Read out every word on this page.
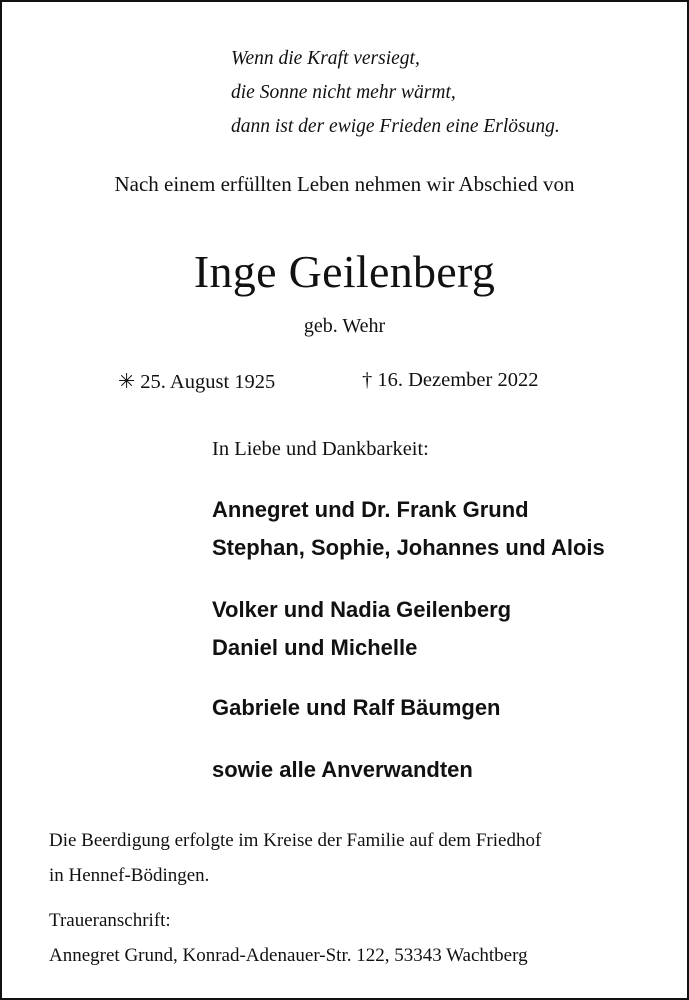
Wenn die Kraft versiegt,
die Sonne nicht mehr wärmt,
dann ist der ewige Frieden eine Erlösung.
Nach einem erfüllten Leben nehmen wir Abschied von
Inge Geilenberg
geb. Wehr
✳ 25. August 1925	† 16. Dezember 2022
In Liebe und Dankbarkeit:
Annegret und Dr. Frank Grund
Stephan, Sophie, Johannes und Alois
Volker und Nadia Geilenberg
Daniel und Michelle
Gabriele und Ralf Bäumgen
sowie alle Anverwandten
Die Beerdigung erfolgte im Kreise der Familie auf dem Friedhof
in Hennef-Bödingen.
Traueranschrift:
Annegret Grund, Konrad-Adenauer-Str. 122, 53343 Wachtberg
